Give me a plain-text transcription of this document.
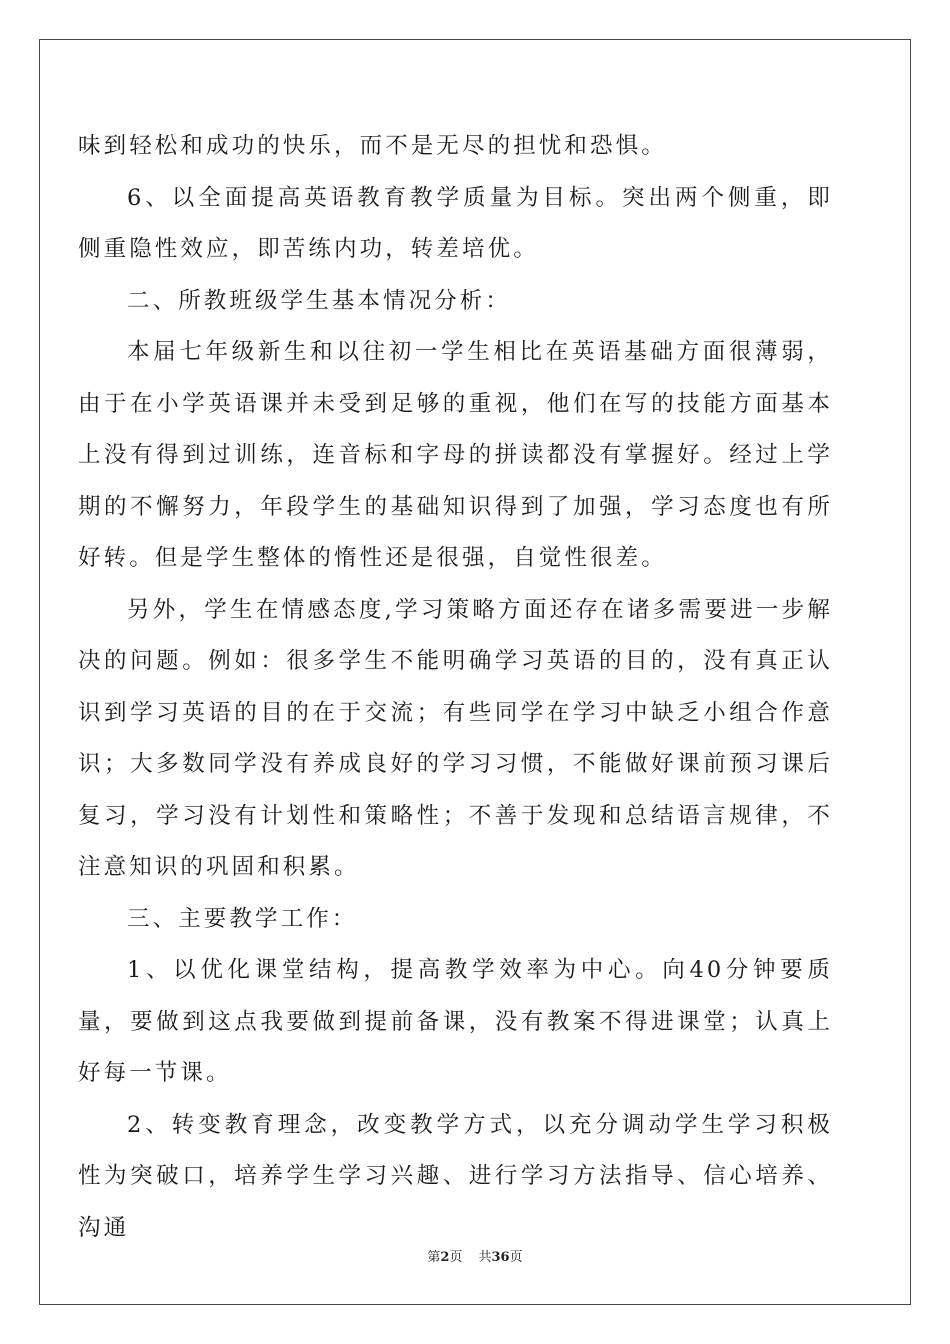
味到轻松和成功的快乐，而不是无尽的担忧和恐惧。

6、以全面提高英语教育教学质量为目标。突出两个侧重，即侧重隐性效应，即苦练内功，转差培优。

二、所教班级学生基本情况分析：

本届七年级新生和以往初一学生相比在英语基础方面很薄弱，由于在小学英语课并未受到足够的重视，他们在写的技能方面基本上没有得到过训练，连音标和字母的拼读都没有掌握好。经过上学期的不懈努力，年段学生的基础知识得到了加强，学习态度也有所好转。但是学生整体的惰性还是很强，自觉性很差。

另外，学生在情感态度,学习策略方面还存在诸多需要进一步解决的问题。例如：很多学生不能明确学习英语的目的，没有真正认识到学习英语的目的在于交流；有些同学在学习中缺乏小组合作意识；大多数同学没有养成良好的学习习惯，不能做好课前预习课后复习，学习没有计划性和策略性；不善于发现和总结语言规律，不注意知识的巩固和积累。

三、主要教学工作：

1、以优化课堂结构，提高教学效率为中心。向40分钟要质量，要做到这点我要做到提前备课，没有教案不得进课堂；认真上好每一节课。

2、转变教育理念，改变教学方式，以充分调动学生学习积极性为突破口，培养学生学习兴趣、进行学习方法指导、信心培养、沟通

第2页 共36页
